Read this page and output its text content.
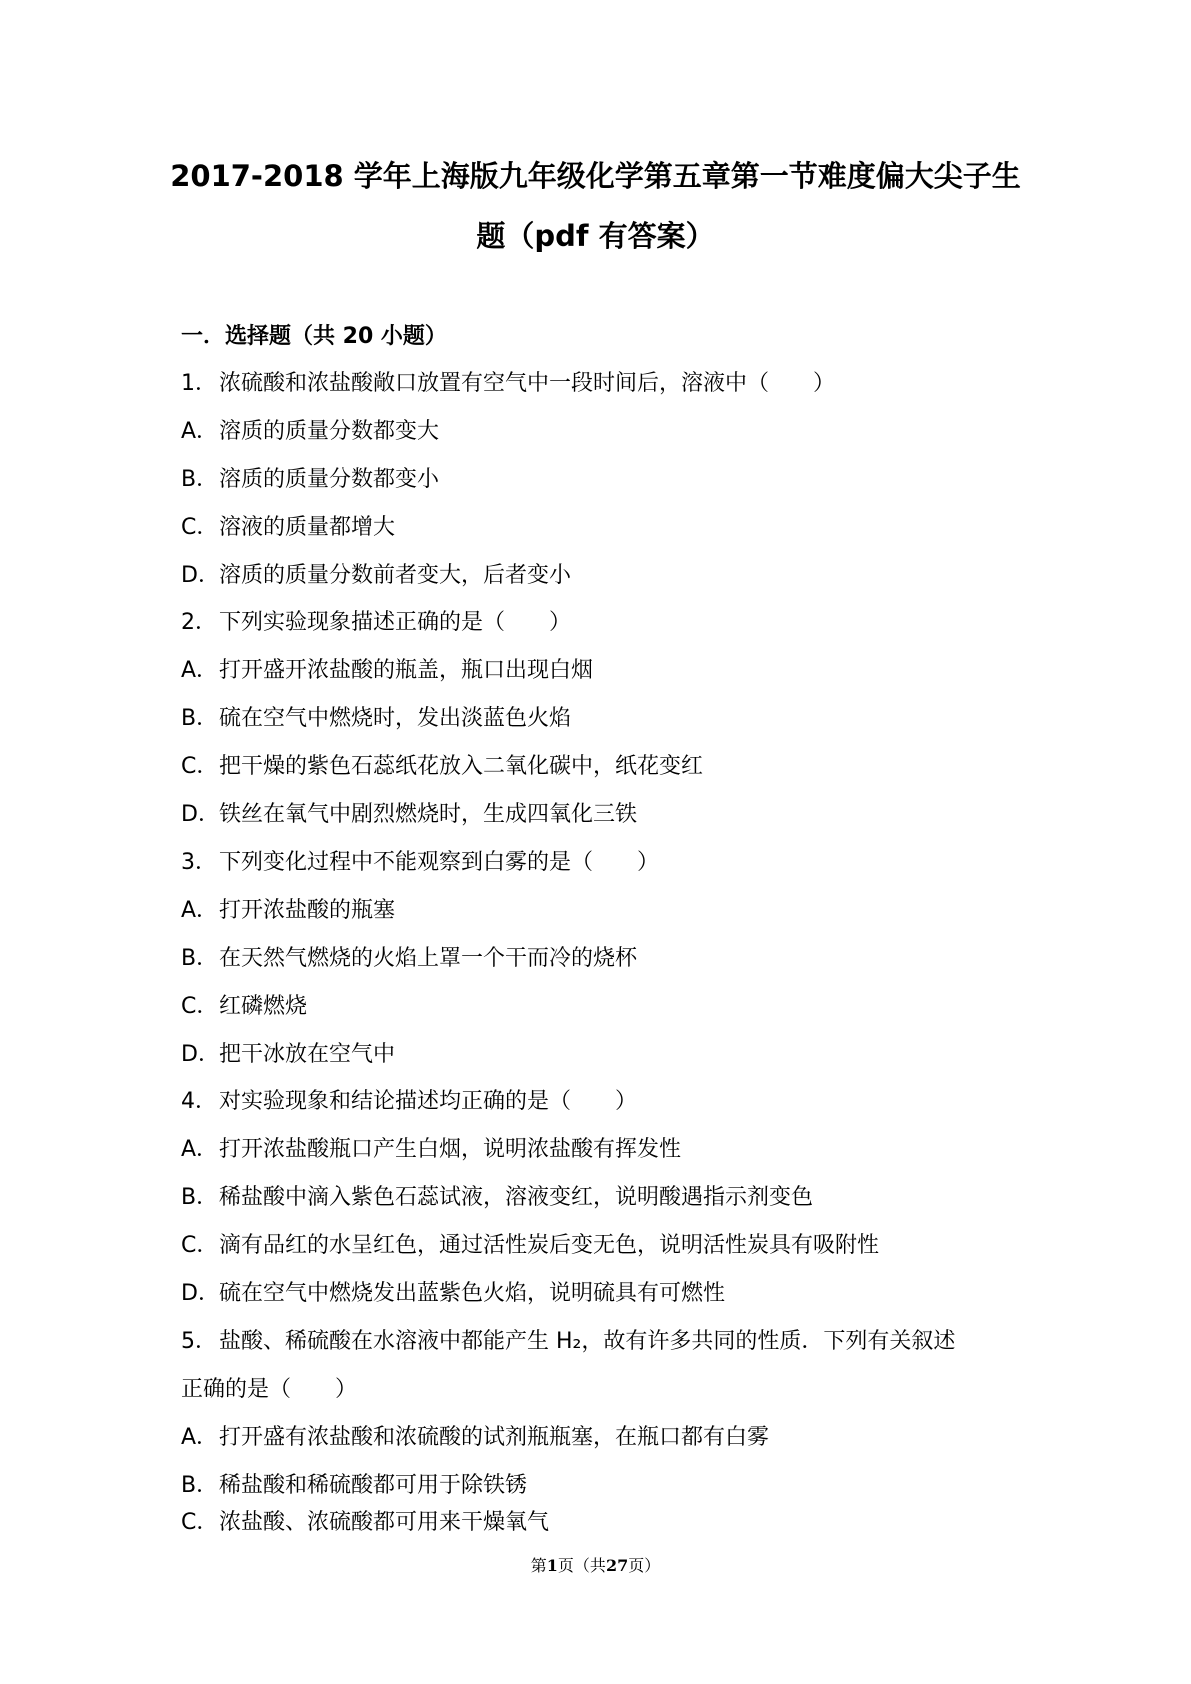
2017-2018 学年上海版九年级化学第五章第一节难度偏大尖子生
题（pdf 有答案）
一．选择题（共 20 小题）
1．浓硫酸和浓盐酸敞口放置有空气中一段时间后，溶液中（　　）
A．溶质的质量分数都变大
B．溶质的质量分数都变小
C．溶液的质量都增大
D．溶质的质量分数前者变大，后者变小
2．下列实验现象描述正确的是（　　）
A．打开盛开浓盐酸的瓶盖，瓶口出现白烟
B．硫在空气中燃烧时，发出淡蓝色火焰
C．把干燥的紫色石蕊纸花放入二氧化碳中，纸花变红
D．铁丝在氧气中剧烈燃烧时，生成四氧化三铁
3．下列变化过程中不能观察到白雾的是（　　）
A．打开浓盐酸的瓶塞
B．在天然气燃烧的火焰上罩一个干而冷的烧杯
C．红磷燃烧
D．把干冰放在空气中
4．对实验现象和结论描述均正确的是（　　）
A．打开浓盐酸瓶口产生白烟，说明浓盐酸有挥发性
B．稀盐酸中滴入紫色石蕊试液，溶液变红，说明酸遇指示剂变色
C．滴有品红的水呈红色，通过活性炭后变无色，说明活性炭具有吸附性
D．硫在空气中燃烧发出蓝紫色火焰，说明硫具有可燃性
5．盐酸、稀硫酸在水溶液中都能产生 H₂，故有许多共同的性质．下列有关叙述
正确的是（　　）
A．打开盛有浓盐酸和浓硫酸的试剂瓶瓶塞，在瓶口都有白雾
B．稀盐酸和稀硫酸都可用于除铁锈
第1页（共27页）
C．浓盐酸、浓硫酸都可用来干燥氧气
